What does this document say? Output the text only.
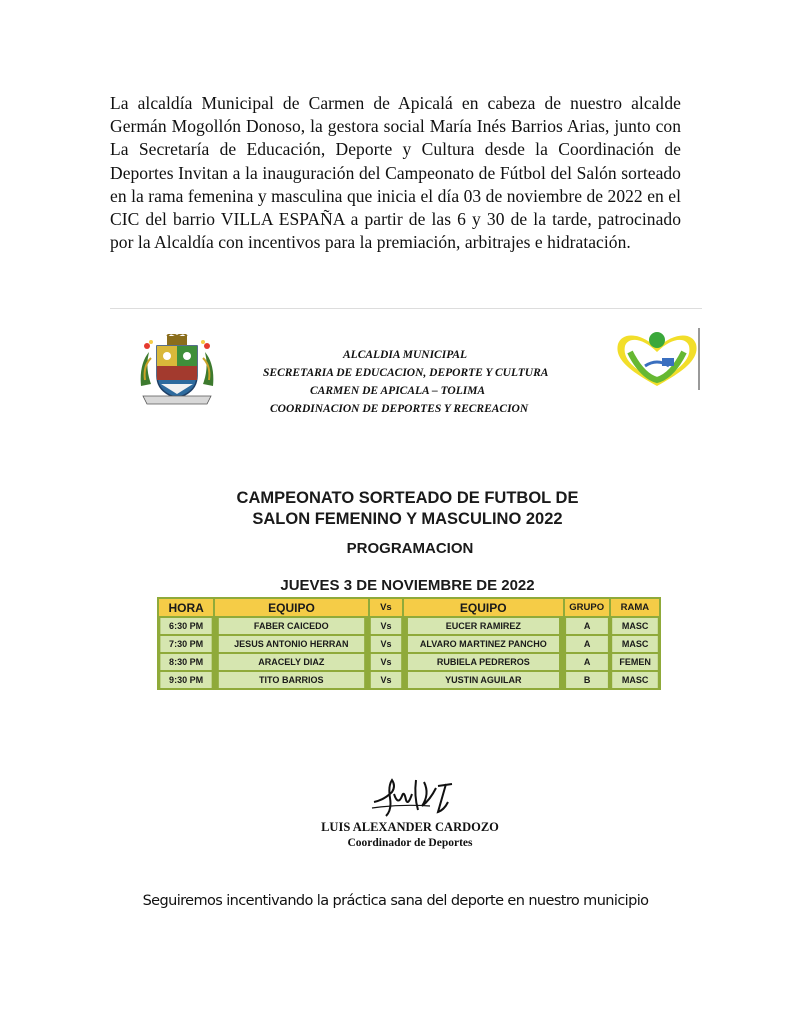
La alcaldía Municipal de Carmen de Apicalá en cabeza de nuestro alcalde Germán Mogollón Donoso, la gestora social María Inés Barrios Arias, junto con La Secretaría de Educación, Deporte y Cultura desde la Coordinación de Deportes Invitan a la inauguración del Campeonato de Fútbol del Salón sorteado en la rama femenina y masculina que inicia el día 03 de noviembre de 2022 en el CIC del barrio VILLA ESPAÑA a partir de las 6 y 30 de la tarde, patrocinado por la Alcaldía con incentivos para la premiación, arbitrajes e hidratación.

ALCALDIA MUNICIPAL
SECRETARIA DE EDUCACION, DEPORTE Y CULTURA
CARMEN DE APICALA – TOLIMA
COORDINACION DE DEPORTES Y RECREACION
CAMPEONATO SORTEADO DE FUTBOL DE
SALON FEMENINO Y MASCULINO 2022
PROGRAMACION
JUEVES 3 DE NOVIEMBRE DE 2022
HORA	EQUIPO	Vs	EQUIPO	GRUPO	RAMA
6:30 PM	FABER CAICEDO	Vs	EUCER RAMIREZ	A	MASC
7:30 PM	JESUS ANTONIO HERRAN	Vs	ALVARO MARTINEZ PANCHO	A	MASC
8:30 PM	ARACELY DIAZ	Vs	RUBIELA PEDREROS	A	FEMEN
9:30 PM	TITO BARRIOS	Vs	YUSTIN AGUILAR	B	MASC
LUIS ALEXANDER CARDOZO
Coordinador de Deportes
Seguiremos incentivando la práctica sana del deporte en nuestro municipio
